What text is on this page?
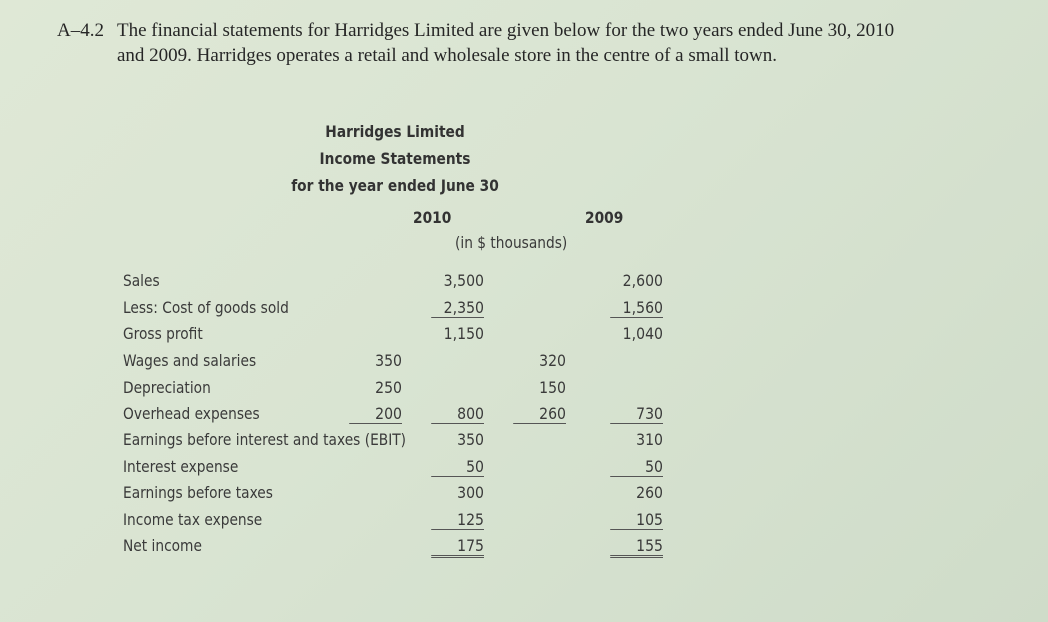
A–4.2 The financial statements for Harridges Limited are given below for the two years ended June 30, 2010
and 2009. Harridges operates a retail and wholesale store in the centre of a small town.
Harridges Limited
Income Statements
for the year ended June 30
2010	2009
(in $ thousands)
Sales
Less: Cost of goods sold
Gross profit
Wages and salaries
Depreciation
Overhead expenses
Earnings before interest and taxes (EBIT)
Interest expense
Earnings before taxes
Income tax expense
Net income
350
250
200
3,500
2,350
1,150
800
350
50
300
125
175
320
150
260
2,600
1,560
1,040
730
310
50
260
105
155
